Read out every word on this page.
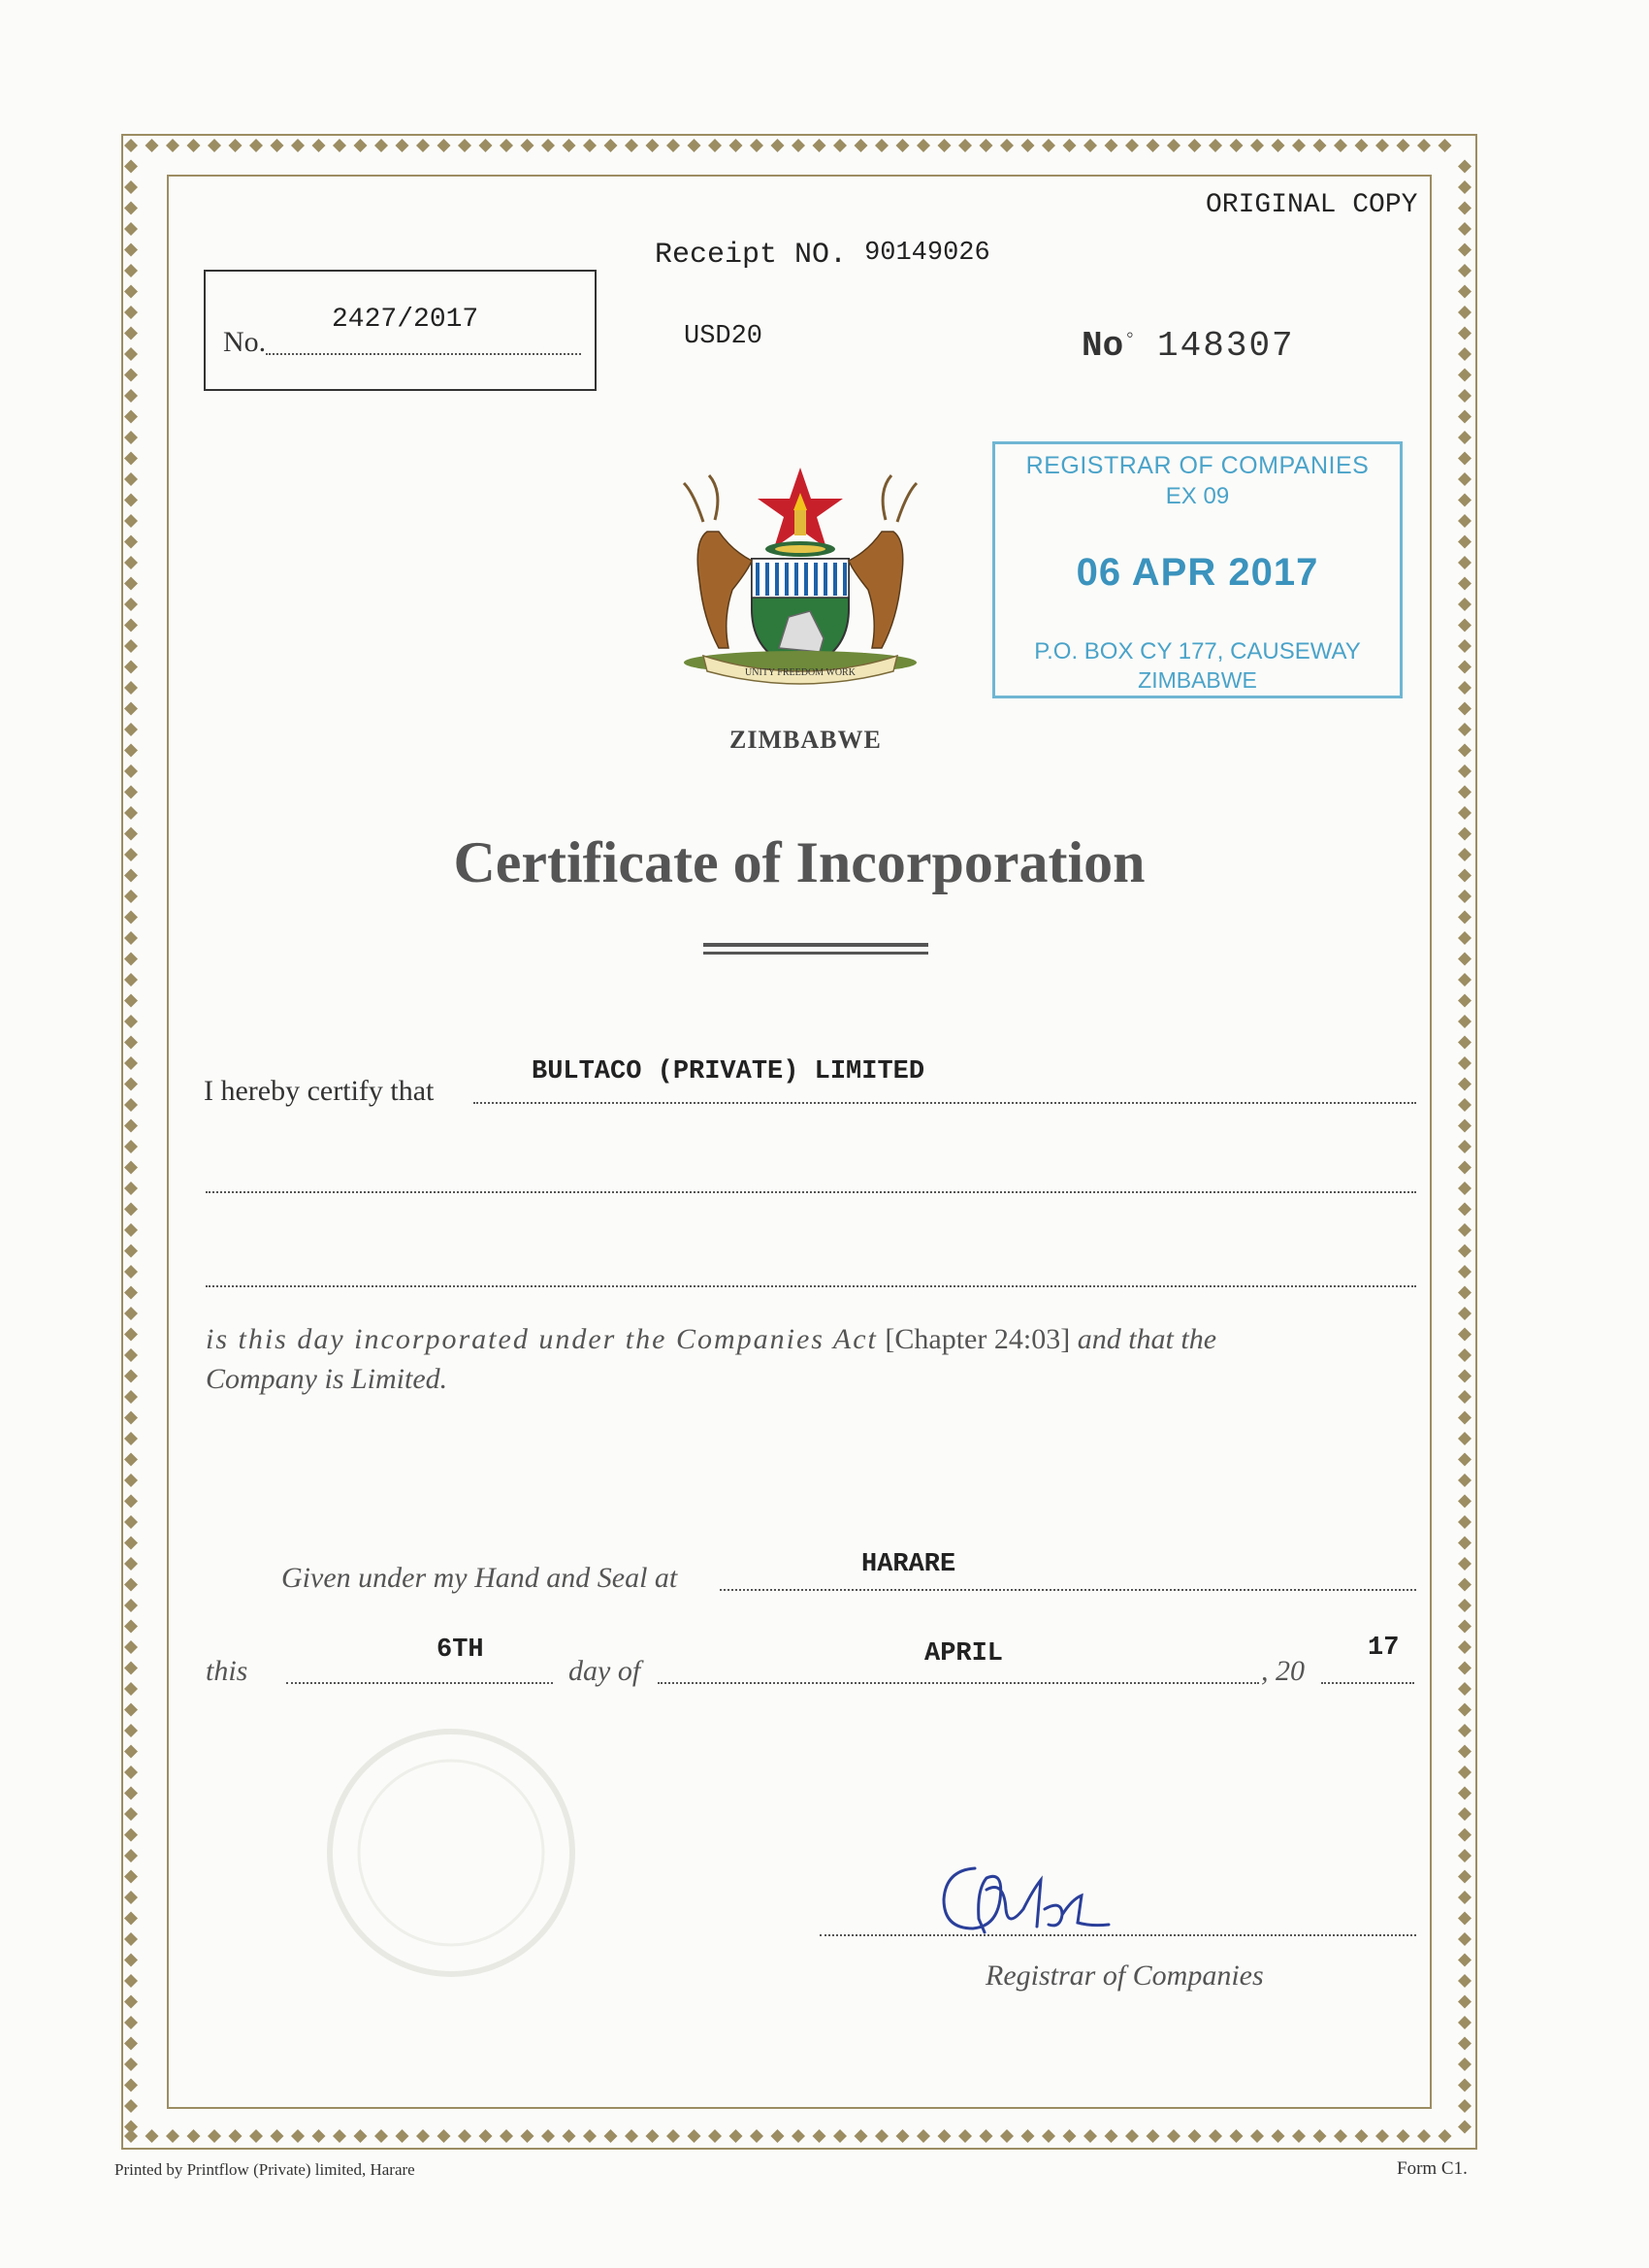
ORIGINAL COPY
Receipt NO. 90149026
No.
2427/2017
USD20	No◦ 148307
REGISTRAR OF COMPANIES
EX 09
06 APR 2017
P.O. BOX CY 177, CAUSEWAY
ZIMBABWE
UNITY FREEDOM WORK
ZIMBABWE
Certificate of Incorporation
I hereby certify that
BULTACO (PRIVATE) LIMITED
is this day incorporated under the Companies Act [Chapter 24:03] and that the
Company is Limited.
Given under my Hand and Seal at	HARARE
this
6TH
day of
APRIL
, 20
17
Registrar of Companies
Printed by Printflow (Private) limited, Harare	Form C1.
